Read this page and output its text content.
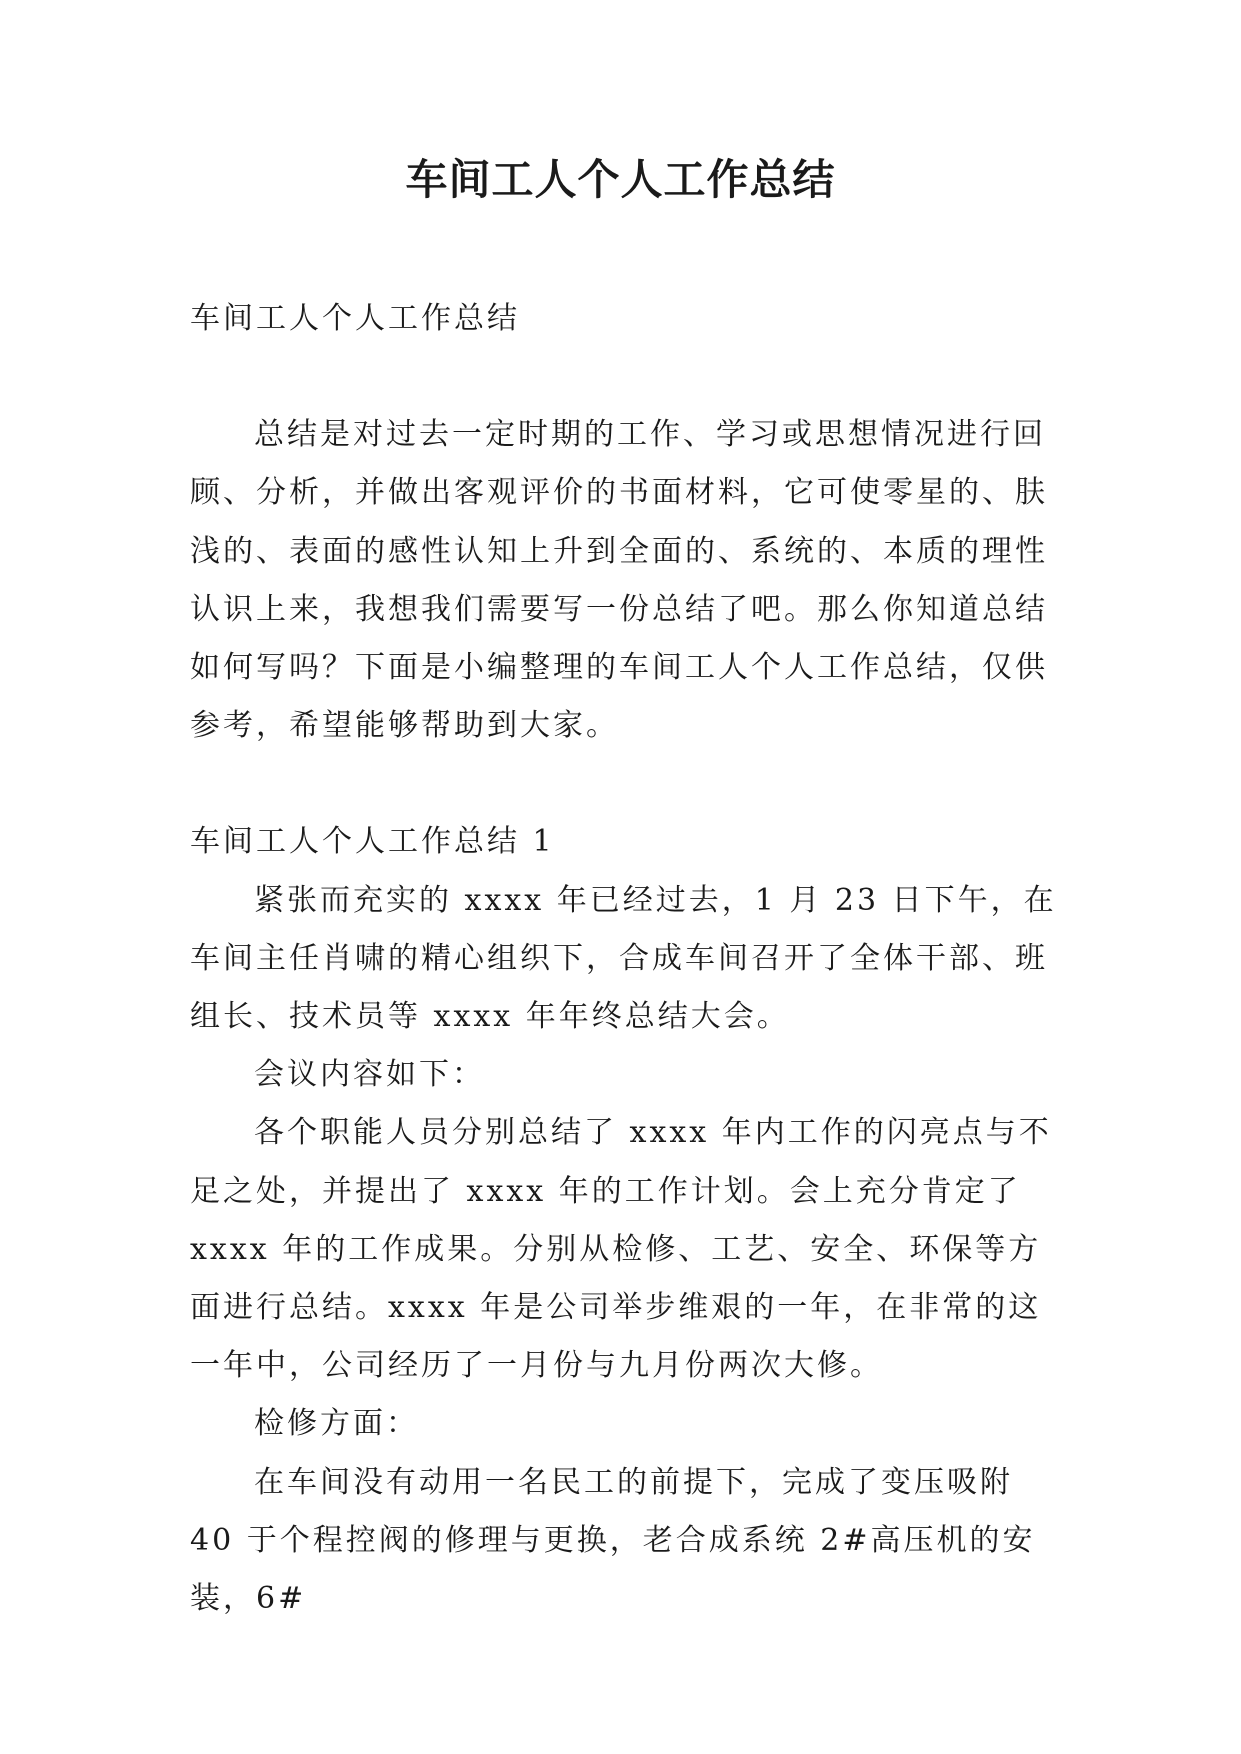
车间工人个人工作总结

车间工人个人工作总结

总结是对过去一定时期的工作、学习或思想情况进行回顾、分析，并做出客观评价的书面材料，它可使零星的、肤浅的、表面的感性认知上升到全面的、系统的、本质的理性认识上来，我想我们需要写一份总结了吧。那么你知道总结如何写吗？下面是小编整理的车间工人个人工作总结，仅供参考，希望能够帮助到大家。

车间工人个人工作总结 1

紧张而充实的 xxxx 年已经过去，1 月 23 日下午，在车间主任肖啸的精心组织下，合成车间召开了全体干部、班组长、技术员等 xxxx 年年终总结大会。

会议内容如下：

各个职能人员分别总结了 xxxx 年内工作的闪亮点与不足之处，并提出了 xxxx 年的工作计划。会上充分肯定了 xxxx 年的工作成果。分别从检修、工艺、安全、环保等方面进行总结。xxxx 年是公司举步维艰的一年，在非常的这一年中，公司经历了一月份与九月份两次大修。

检修方面：

在车间没有动用一名民工的前提下，完成了变压吸附 40 于个程控阀的修理与更换，老合成系统 2#高压机的安装，6#
